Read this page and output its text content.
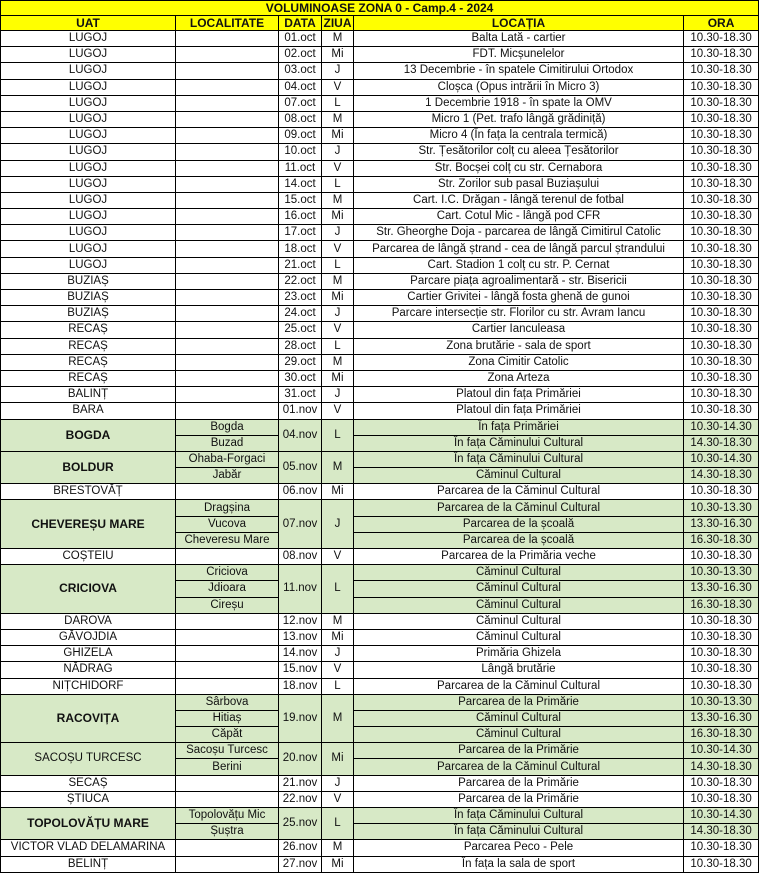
VOLUMINOASE ZONA 0 - Camp.4 - 2024					
UAT	LOCALITATE	DATA	ZIUA	LOCAȚIA	ORA
LUGOJ		01.oct	M	Balta Lată - cartier	10.30-18.30
LUGOJ		02.oct	Mi	FDT. Micșunelelor	10.30-18.30
LUGOJ		03.oct	J	13 Decembrie - în spatele Cimitirului Ortodox	10.30-18.30
LUGOJ		04.oct	V	Cloșca (Opus intrării în Micro 3)	10.30-18.30
LUGOJ		07.oct	L	1 Decembrie 1918 - în spate la OMV	10.30-18.30
LUGOJ		08.oct	M	Micro 1 (Pet. trafo lângă grădiniță)	10.30-18.30
LUGOJ		09.oct	Mi	Micro 4 (În fața la centrala termică)	10.30-18.30
LUGOJ		10.oct	J	Str. Țesătorilor colț cu aleea Țesătorilor	10.30-18.30
LUGOJ		11.oct	V	Str. Bocșei colț cu str. Cernabora	10.30-18.30
LUGOJ		14.oct	L	Str. Zorilor sub pasal Buziașului	10.30-18.30
LUGOJ		15.oct	M	Cart. I.C. Drăgan - lângă terenul de fotbal	10.30-18.30
LUGOJ		16.oct	Mi	Cart. Cotul Mic - lângă pod CFR	10.30-18.30
LUGOJ		17.oct	J	Str. Gheorghe Doja - parcarea de lângă Cimitirul Catolic	10.30-18.30
LUGOJ		18.oct	V	Parcarea de lângă ștrand - cea de lângă parcul ștrandului	10.30-18.30
LUGOJ		21.oct	L	Cart. Stadion 1 colț cu str. P. Cernat	10.30-18.30
BUZIAȘ		22.oct	M	Parcare piața agroalimentară - str. Bisericii	10.30-18.30
BUZIAȘ		23.oct	Mi	Cartier Grivitei - lângă fosta ghenă de gunoi	10.30-18.30
BUZIAȘ		24.oct	J	Parcare intersecție str. Florilor cu str. Avram Iancu	10.30-18.30
RECAȘ		25.oct	V	Cartier Ianculeasa	10.30-18.30
RECAȘ		28.oct	L	Zona brutărie - sala de sport	10.30-18.30
RECAȘ		29.oct	M	Zona Cimitir Catolic	10.30-18.30
RECAȘ		30.oct	Mi	Zona Arteza	10.30-18.30
BALINȚ		31.oct	J	Platoul din fața Primăriei	10.30-18.30
BARA		01.nov	V	Platoul din fața Primăriei	10.30-18.30
BOGDA	Bogda	04.nov	L	În fața Primăriei	10.30-14.30
	Buzad			În fața Căminului Cultural	14.30-18.30
BOLDUR	Ohaba-Forgaci	05.nov	M	În fața Căminului Cultural	10.30-14.30
	Jabăr			Căminul Cultural	14.30-18.30
BRESTOVĂȚ		06.nov	Mi	Parcarea de la Căminul Cultural	10.30-18.30
CHEVEREȘU MARE	Dragșina	07.nov	J	Parcarea de la Căminul Cultural	10.30-13.30
	Vucova			Parcarea de la școală	13.30-16.30
	Cheveresu Mare			Parcarea de la școală	16.30-18.30
COȘTEIU		08.nov	V	Parcarea de la Primăria veche	10.30-18.30
CRICIOVA	Criciova	11.nov	L	Căminul Cultural	10.30-13.30
	Jdioara			Căminul Cultural	13.30-16.30
	Cireșu			Căminul Cultural	16.30-18.30
DAROVA		12.nov	M	Căminul Cultural	10.30-18.30
GĂVOJDIA		13.nov	Mi	Căminul Cultural	10.30-18.30
GHIZELA		14.nov	J	Primăria Ghizela	10.30-18.30
NĂDRAG		15.nov	V	Lângă brutărie	10.30-18.30
NIȚCHIDORF		18.nov	L	Parcarea de la Căminul Cultural	10.30-18.30
RACOVIȚA	Sârbova	19.nov	M	Parcarea de la Primărie	10.30-13.30
	Hitiaș			Căminul Cultural	13.30-16.30
	Căpăt			Căminul Cultural	16.30-18.30
SACOȘU TURCESC	Sacoșu Turcesc	20.nov	Mi	Parcarea de la Primărie	10.30-14.30
	Berini			Parcarea de la Căminul Cultural	14.30-18.30
SECAȘ		21.nov	J	Parcarea de la Primărie	10.30-18.30
ȘTIUCA		22.nov	V	Parcarea de la Primărie	10.30-18.30
TOPOLOVĂȚU MARE	Topolovățu Mic	25.nov	L	În fața Căminului Cultural	10.30-14.30
	Șuștra			În fața Căminului Cultural	14.30-18.30
VICTOR VLAD DELAMARINA		26.nov	M	Parcarea Peco - Pele	10.30-18.30
BELINȚ		27.nov	Mi	În fața la sala de sport	10.30-18.30
